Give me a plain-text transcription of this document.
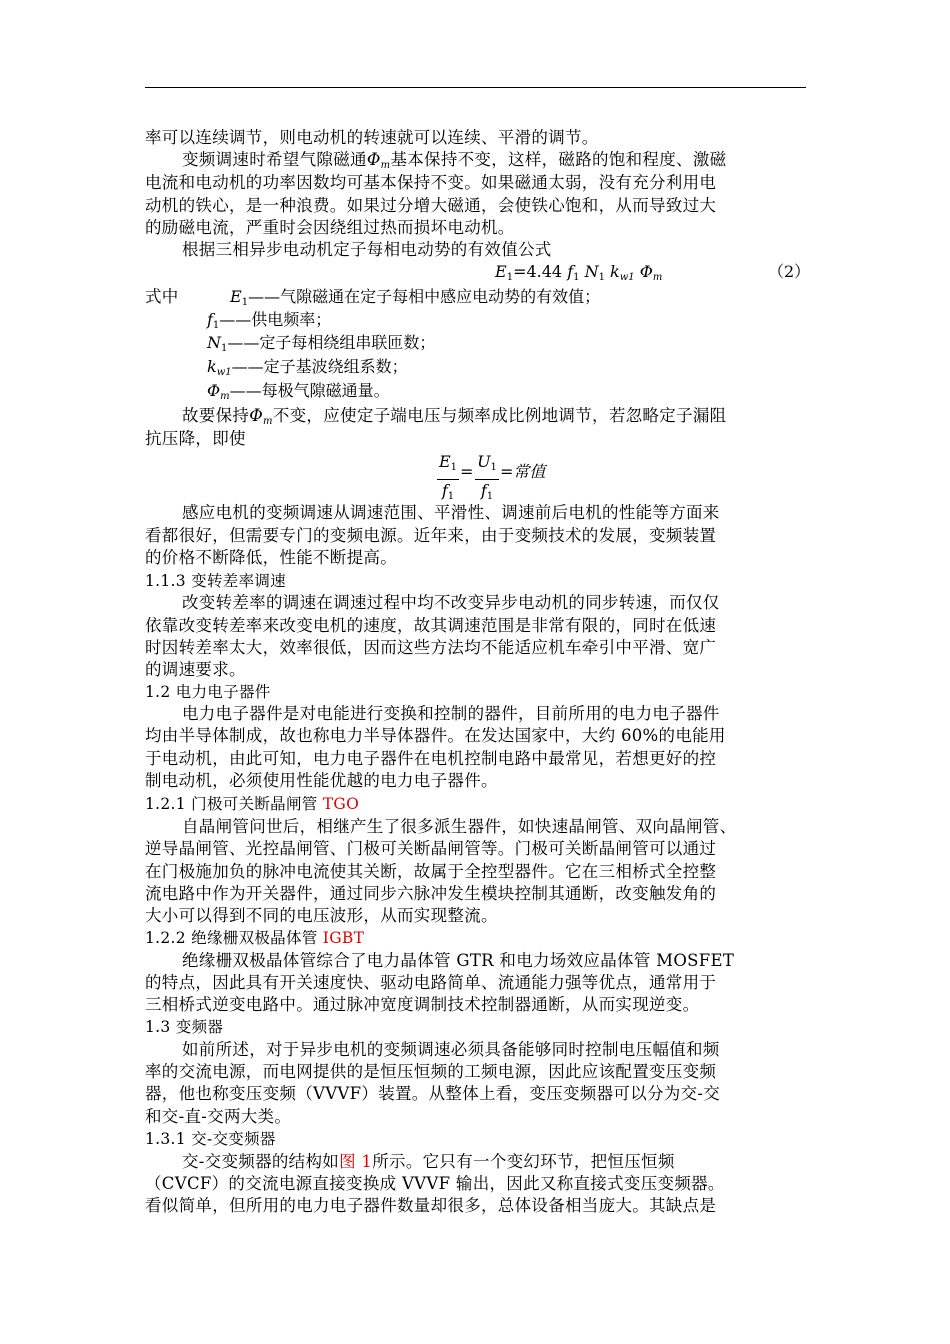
率可以连续调节，则电动机的转速就可以连续、平滑的调节。
变频调速时希望气隙磁通$\Phi_m$基本保持不变，这样，磁路的饱和程度、激磁
电流和电动机的功率因数均可基本保持不变。如果磁通太弱，没有充分利用电
动机的铁心，是一种浪费。如果过分增大磁通，会使铁心饱和，从而导致过大
的励磁电流，严重时会因绕组过热而损坏电动机。
根据三相异步电动机定子每相电动势的有效值公式
$E_1=4.44$ $f_1$ $N_1$ $k_{w1}$ $\Phi_m$	（2）
式中	$E_1——$气隙磁通在定子每相中感应电动势的有效值；
$f_1——$供电频率；
$N_1——$定子每相绕组串联匝数；
$k_{w1}——$定子基波绕组系数；
$\Phi_m——$每极气隙磁通量。
故要保持$\Phi_m$不变，应使定子端电压与频率成比例地调节，若忽略定子漏阻
抗压降，即使
$E_1$
$f_1$
=
$U_1$
$f_1$
=常值
感应电机的变频调速从调速范围、平滑性、调速前后电机的性能等方面来
看都很好，但需要专门的变频电源。近年来，由于变频技术的发展，变频装置
的价格不断降低，性能不断提高。
1.1.3 变转差率调速
改变转差率的调速在调速过程中均不改变异步电动机的同步转速，而仅仅
依靠改变转差率来改变电机的速度，故其调速范围是非常有限的，同时在低速
时因转差率太大，效率很低，因而这些方法均不能适应机车牵引中平滑、宽广
的调速要求。
1.2 电力电子器件
电力电子器件是对电能进行变换和控制的器件，目前所用的电力电子器件
均由半导体制成，故也称电力半导体器件。在发达国家中，大约 60%的电能用
于电动机，由此可知，电力电子器件在电机控制电路中最常见，若想更好的控
制电动机，必须使用性能优越的电力电子器件。
1.2.1 门极可关断晶闸管 TGO
自晶闸管问世后，相继产生了很多派生器件，如快速晶闸管、双向晶闸管、
逆导晶闸管、光控晶闸管、门极可关断晶闸管等。门极可关断晶闸管可以通过
在门极施加负的脉冲电流使其关断，故属于全控型器件。它在三相桥式全控整
流电路中作为开关器件，通过同步六脉冲发生模块控制其通断，改变触发角的
大小可以得到不同的电压波形，从而实现整流。
1.2.2 绝缘栅双极晶体管 IGBT
绝缘栅双极晶体管综合了电力晶体管 GTR 和电力场效应晶体管 MOSFET
的特点，因此具有开关速度快、驱动电路简单、流通能力强等优点，通常用于
三相桥式逆变电路中。通过脉冲宽度调制技术控制器通断，从而实现逆变。
1.3 变频器
如前所述，对于异步电机的变频调速必须具备能够同时控制电压幅值和频
率的交流电源，而电网提供的是恒压恒频的工频电源，因此应该配置变压变频
器，他也称变压变频（VVVF）装置。从整体上看，变压变频器可以分为交-交
和交-直-交两大类。
1.3.1 交-交变频器
交-交变频器的结构如图 1所示。它只有一个变幻环节，把恒压恒频
（CVCF）的交流电源直接变换成 VVVF 输出，因此又称直接式变压变频器。
看似简单，但所用的电力电子器件数量却很多，总体设备相当庞大。其缺点是
